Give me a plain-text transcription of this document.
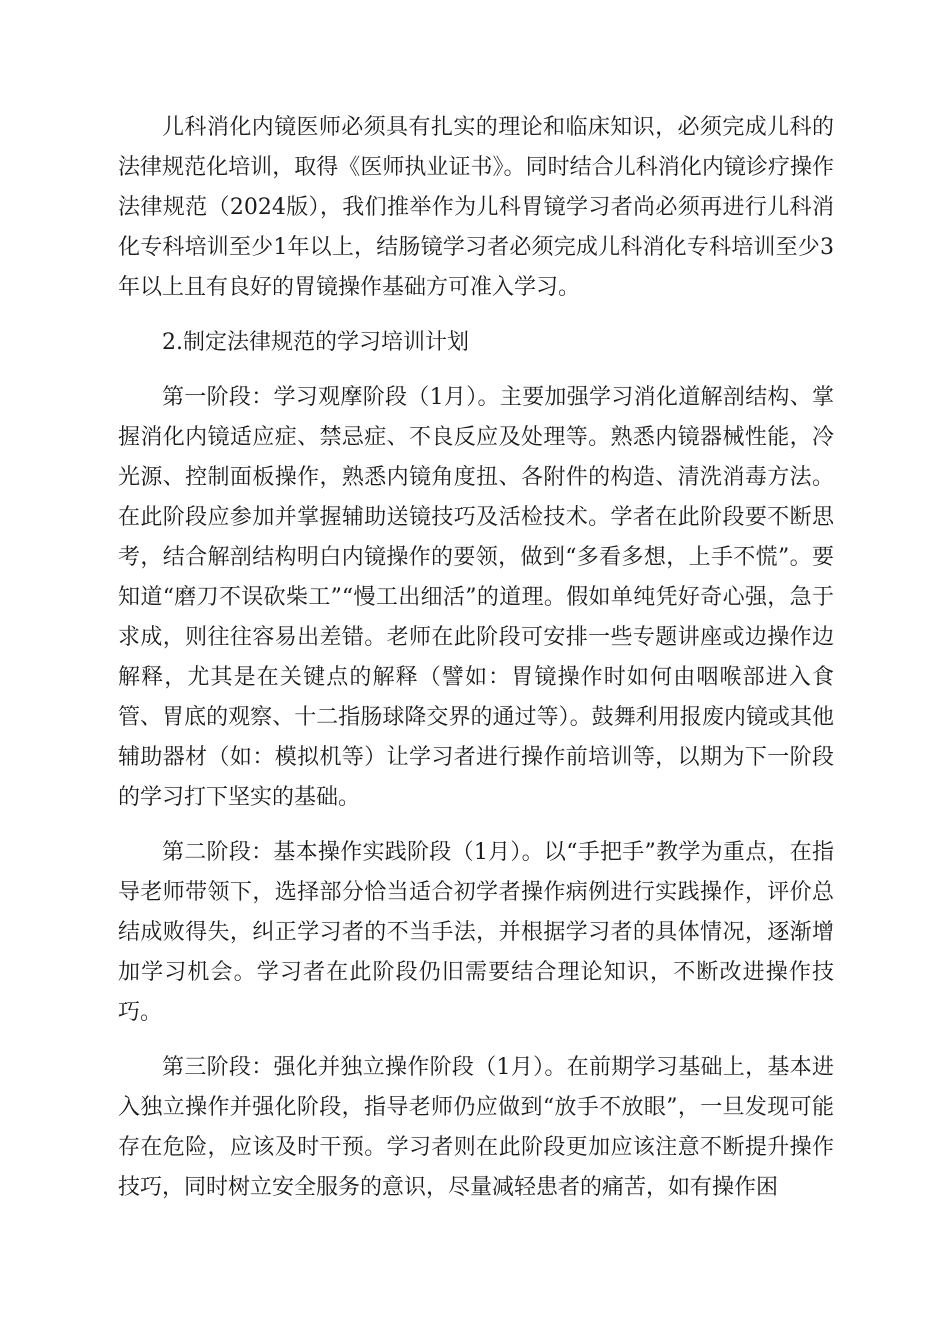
儿科消化内镜医师必须具有扎实的理论和临床知识，必须完成儿科的法律规范化培训，取得《医师执业证书》。同时结合儿科消化内镜诊疗操作法律规范（2024版），我们推举作为儿科胃镜学习者尚必须再进行儿科消化专科培训至少1年以上，结肠镜学习者必须完成儿科消化专科培训至少3年以上且有良好的胃镜操作基础方可准入学习。

2.制定法律规范的学习培训计划

第一阶段：学习观摩阶段（1月）。主要加强学习消化道解剖结构、掌握消化内镜适应症、禁忌症、不良反应及处理等。熟悉内镜器械性能，冷光源、控制面板操作，熟悉内镜角度扭、各附件的构造、清洗消毒方法。在此阶段应参加并掌握辅助送镜技巧及活检技术。学者在此阶段要不断思考，结合解剖结构明白内镜操作的要领，做到“多看多想，上手不慌”。要知道“磨刀不误砍柴工”“慢工出细活”的道理。假如单纯凭好奇心强，急于求成，则往往容易出差错。老师在此阶段可安排一些专题讲座或边操作边解释，尤其是在关键点的解释（譬如：胃镜操作时如何由咽喉部进入食管、胃底的观察、十二指肠球降交界的通过等）。鼓舞利用报废内镜或其他辅助器材（如：模拟机等）让学习者进行操作前培训等，以期为下一阶段的学习打下坚实的基础。

第二阶段：基本操作实践阶段（1月）。以“手把手”教学为重点，在指导老师带领下，选择部分恰当适合初学者操作病例进行实践操作，评价总结成败得失，纠正学习者的不当手法，并根据学习者的具体情况，逐渐增加学习机会。学习者在此阶段仍旧需要结合理论知识，不断改进操作技巧。

第三阶段：强化并独立操作阶段（1月）。在前期学习基础上，基本进入独立操作并强化阶段，指导老师仍应做到“放手不放眼”，一旦发现可能存在危险，应该及时干预。学习者则在此阶段更加应该注意不断提升操作技巧，同时树立安全服务的意识，尽量减轻患者的痛苦，如有操作困
